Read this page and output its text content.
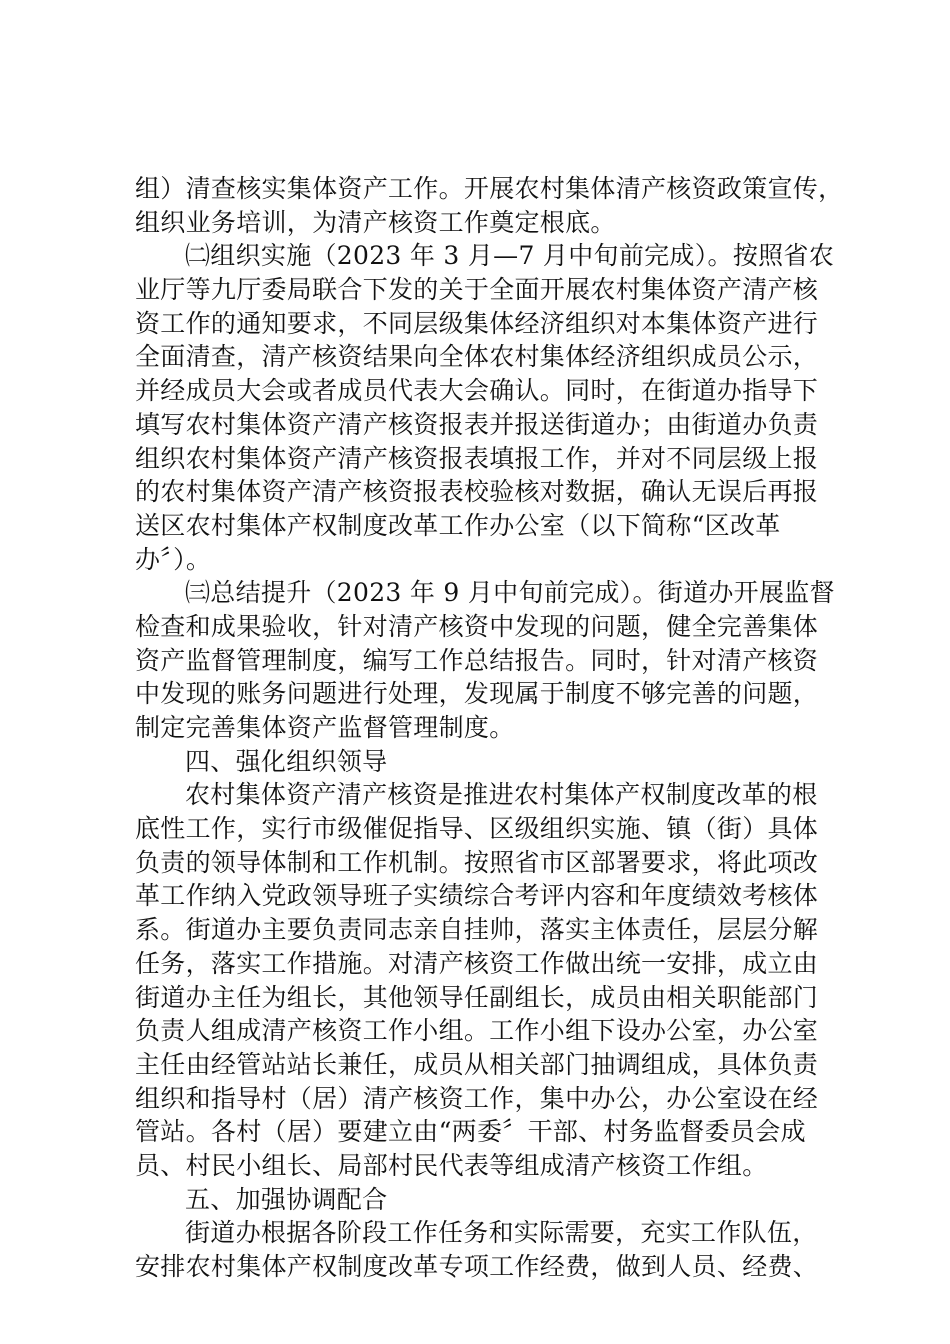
组）清查核实集体资产工作。开展农村集体清产核资政策宣传，
组织业务培训，为清产核资工作奠定根底。
㈡组织实施（2023 年 3 月—7 月中旬前完成）。按照省农
业厅等九厅委局联合下发的关于全面开展农村集体资产清产核
资工作的通知要求，不同层级集体经济组织对本集体资产进行
全面清查，清产核资结果向全体农村集体经济组织成员公示，
并经成员大会或者成员代表大会确认。同时，在街道办指导下
填写农村集体资产清产核资报表并报送街道办；由街道办负责
组织农村集体资产清产核资报表填报工作，并对不同层级上报
的农村集体资产清产核资报表校验核对数据，确认无误后再报
送区农村集体产权制度改革工作办公室（以下简称“区改革
办〞）。
㈢总结提升（2023 年 9 月中旬前完成）。街道办开展监督
检查和成果验收，针对清产核资中发现的问题，健全完善集体
资产监督管理制度，编写工作总结报告。同时，针对清产核资
中发现的账务问题进行处理，发现属于制度不够完善的问题，
制定完善集体资产监督管理制度。
四、强化组织领导
农村集体资产清产核资是推进农村集体产权制度改革的根
底性工作，实行市级催促指导、区级组织实施、镇（街）具体
负责的领导体制和工作机制。按照省市区部署要求，将此项改
革工作纳入党政领导班子实绩综合考评内容和年度绩效考核体
系。街道办主要负责同志亲自挂帅，落实主体责任，层层分解
任务，落实工作措施。对清产核资工作做出统一安排，成立由
街道办主任为组长，其他领导任副组长，成员由相关职能部门
负责人组成清产核资工作小组。工作小组下设办公室，办公室
主任由经管站站长兼任，成员从相关部门抽调组成，具体负责
组织和指导村（居）清产核资工作，集中办公，办公室设在经
管站。各村（居）要建立由“两委〞干部、村务监督委员会成
员、村民小组长、局部村民代表等组成清产核资工作组。
五、加强协调配合
街道办根据各阶段工作任务和实际需要，充实工作队伍，
安排农村集体产权制度改革专项工作经费，做到人员、经费、
